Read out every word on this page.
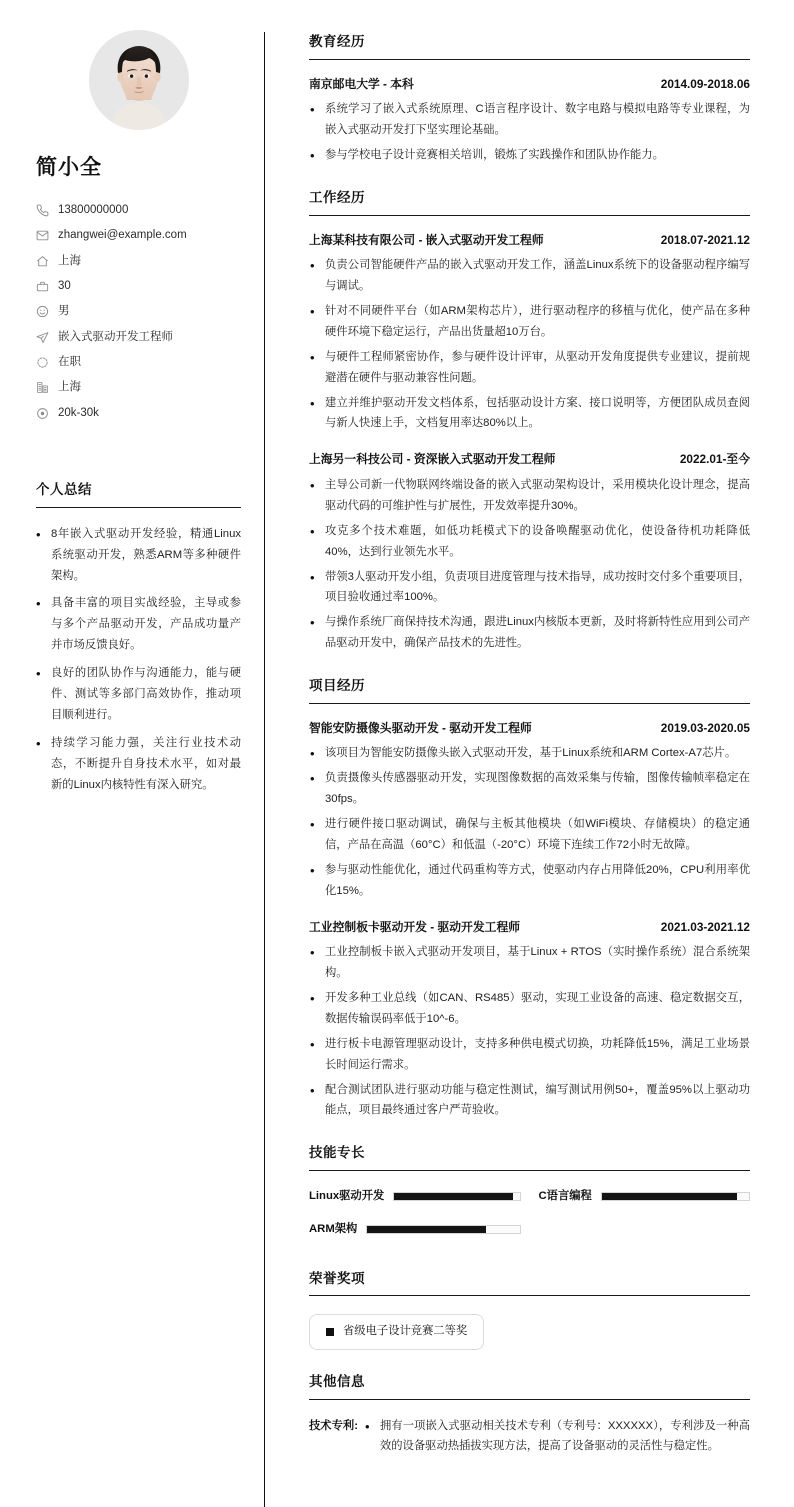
简小全
13800000000
zhangwei@example.com
上海
30
男
嵌入式驱动开发工程师
在职
上海
20k-30k
个人总结
• 8年嵌入式驱动开发经验，精通Linux系统驱动开发，熟悉ARM等多种硬件架构。
• 具备丰富的项目实战经验，主导或参与多个产品驱动开发，产品成功量产并市场反馈良好。
• 良好的团队协作与沟通能力，能与硬件、测试等多部门高效协作，推动项目顺利进行。
• 持续学习能力强，关注行业技术动态，不断提升自身技术水平，如对最新的Linux内核特性有深入研究。
教育经历
南京邮电大学 - 本科	2014.09-2018.06
• 系统学习了嵌入式系统原理、C语言程序设计、数字电路与模拟电路等专业课程，为嵌入式驱动开发打下坚实理论基础。
• 参与学校电子设计竞赛相关培训，锻炼了实践操作和团队协作能力。
工作经历
上海某科技有限公司 - 嵌入式驱动开发工程师	2018.07-2021.12
• 负责公司智能硬件产品的嵌入式驱动开发工作，涵盖Linux系统下的设备驱动程序编写与调试。
• 针对不同硬件平台（如ARM架构芯片），进行驱动程序的移植与优化，使产品在多种硬件环境下稳定运行，产品出货量超10万台。
• 与硬件工程师紧密协作，参与硬件设计评审，从驱动开发角度提供专业建议，提前规避潜在硬件与驱动兼容性问题。
• 建立并维护驱动开发文档体系，包括驱动设计方案、接口说明等，方便团队成员查阅与新人快速上手，文档复用率达80%以上。
上海另一科技公司 - 资深嵌入式驱动开发工程师	2022.01-至今
• 主导公司新一代物联网终端设备的嵌入式驱动架构设计，采用模块化设计理念，提高驱动代码的可维护性与扩展性，开发效率提升30%。
• 攻克多个技术难题，如低功耗模式下的设备唤醒驱动优化，使设备待机功耗降低40%，达到行业领先水平。
• 带领3人驱动开发小组，负责项目进度管理与技术指导，成功按时交付多个重要项目，项目验收通过率100%。
• 与操作系统厂商保持技术沟通，跟进Linux内核版本更新，及时将新特性应用到公司产品驱动开发中，确保产品技术的先进性。
项目经历
智能安防摄像头驱动开发 - 驱动开发工程师	2019.03-2020.05
• 该项目为智能安防摄像头嵌入式驱动开发，基于Linux系统和ARM Cortex-A7芯片。
• 负责摄像头传感器驱动开发，实现图像数据的高效采集与传输，图像传输帧率稳定在30fps。
• 进行硬件接口驱动调试，确保与主板其他模块（如WiFi模块、存储模块）的稳定通信，产品在高温（60°C）和低温（-20°C）环境下连续工作72小时无故障。
• 参与驱动性能优化，通过代码重构等方式，使驱动内存占用降低20%，CPU利用率优化15%。
工业控制板卡驱动开发 - 驱动开发工程师	2021.03-2021.12
• 工业控制板卡嵌入式驱动开发项目，基于Linux + RTOS（实时操作系统）混合系统架构。
• 开发多种工业总线（如CAN、RS485）驱动，实现工业设备的高速、稳定数据交互，数据传输误码率低于10^-6。
• 进行板卡电源管理驱动设计，支持多种供电模式切换，功耗降低15%，满足工业场景长时间运行需求。
• 配合测试团队进行驱动功能与稳定性测试，编写测试用例50+，覆盖95%以上驱动功能点，项目最终通过客户严苛验收。
技能专长
Linux驱动开发	C语言编程
ARM架构
荣誉奖项
省级电子设计竞赛二等奖
其他信息
技术专利:	• 拥有一项嵌入式驱动相关技术专利（专利号：XXXXXX），专利涉及一种高效的设备驱动热插拔实现方法，提高了设备驱动的灵活性与稳定性。
